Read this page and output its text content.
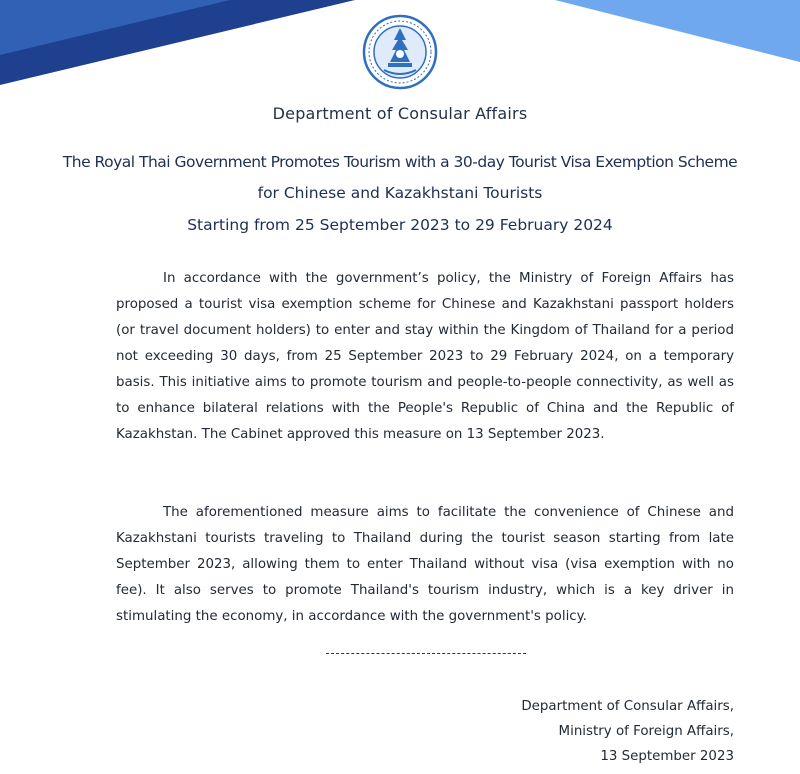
Department of Consular Affairs
The Royal Thai Government Promotes Tourism with a 30-day Tourist Visa Exemption Scheme
for Chinese and Kazakhstani Tourists
Starting from 25 September 2023 to 29 February 2024

In accordance with the government’s policy, the Ministry of Foreign Affairs has proposed a tourist visa exemption scheme for Chinese and Kazakhstani passport holders (or travel document holders) to enter and stay within the Kingdom of Thailand for a period not exceeding 30 days, from 25 September 2023 to 29 February 2024, on a temporary basis. This initiative aims to promote tourism and people-to-people connectivity, as well as to enhance bilateral relations with the People's Republic of China and the Republic of Kazakhstan. The Cabinet approved this measure on 13 September 2023.

The aforementioned measure aims to facilitate the convenience of Chinese and Kazakhstani tourists traveling to Thailand during the tourist season starting from late September 2023, allowing them to enter Thailand without visa (visa exemption with no fee). It also serves to promote Thailand's tourism industry, which is a key driver in stimulating the economy, in accordance with the government's policy.

Department of Consular Affairs,
Ministry of Foreign Affairs,
13 September 2023
